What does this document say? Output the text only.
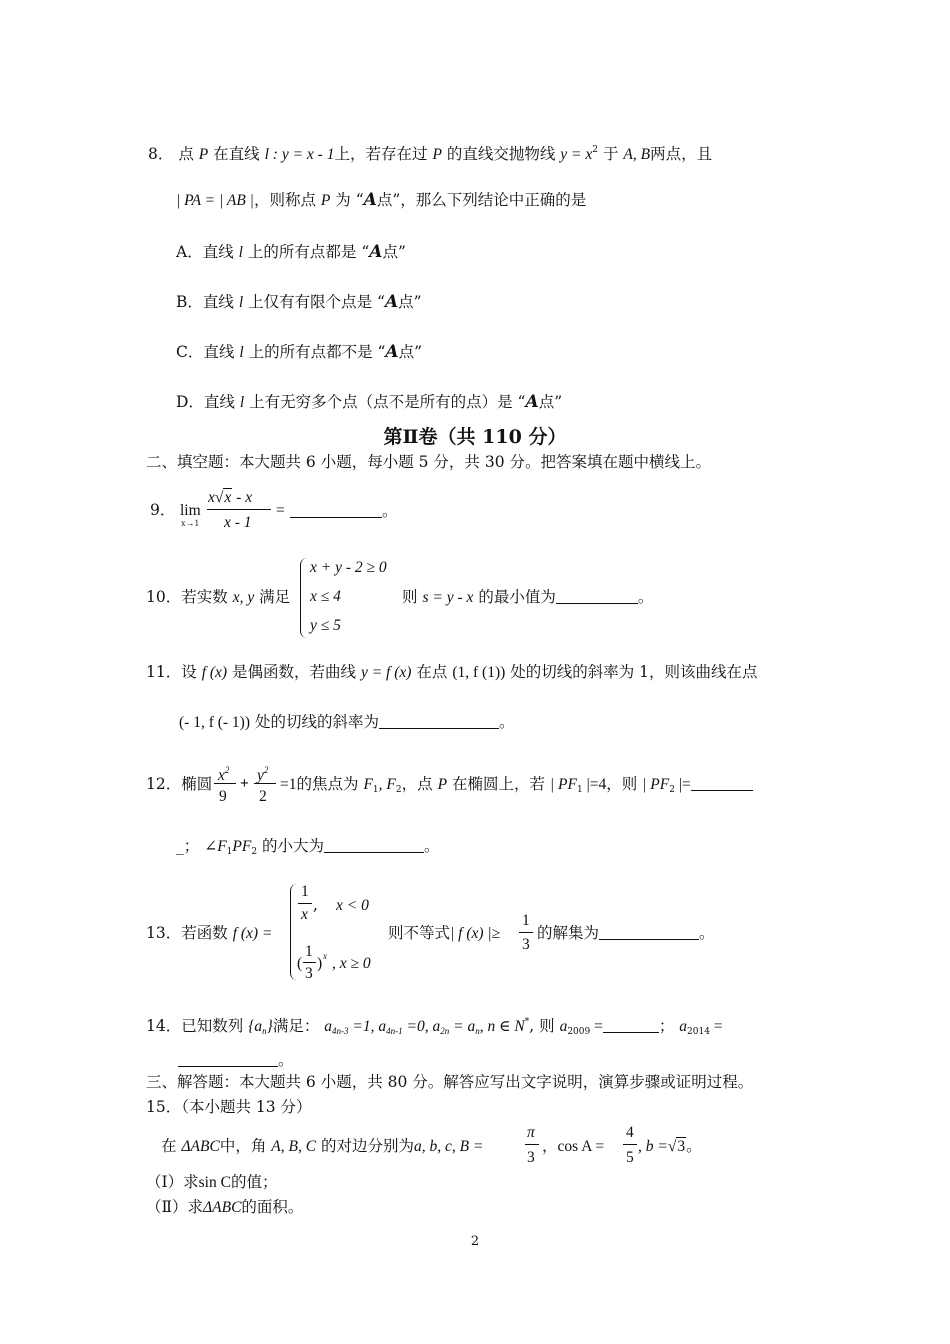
8． 点 P 在直线 l : y = x - 1上，若存在过 P 的直线交抛物线 $y = x^2$ 于 A, B两点，且
| PA = | AB |，则称点 P 为 “A点”，那么下列结论中正确的是
A．直线 l 上的所有点都是 “A点”
B．直线 l 上仅有有限个点是 “A点”
C．直线 l 上的所有点都不是 “A点”
D．直线 l 上有无穷多个点（点不是所有的点）是 “A点”
第Ⅱ卷（共 110 分）
二、填空题：本大题共 6 小题，每小题 5 分，共 30 分。把答案填在题中横线上。
9． lim
x→1
x√x - x
x - 1
=	。
10．若实数 x, y 满足
x + y - 2 ≥ 0
x ≤ 4
y ≤ 5
则 s = y - x 的最小值为	。
11．设 f (x) 是偶函数，若曲线 y = f (x) 在点 (1, f (1)) 处的切线的斜率为 1，则该曲线在点
(- 1, f (- 1)) 处的切线的斜率为	。
12．椭圆 $x^2$
9
+ $y^2$
2
=1的焦点为 $F_1$, $F_2$，点 P 在椭圆上，若 | $PF_1$ |=4，则 | $PF_2$ |=
_； $\angle F_1PF_2$ 的小大为	。
13．若函数 f (x) =
1
x
, x < 0
(
1
3
) x , x ≥ 0
则不等式| f (x) |≥
1
3
的解集为	。
14．已知数列 $\{a_n\}$满足： $a_{4n-3} =1$, $a_{4n-1} =0$, $a_{2n} = a_n$, n ∈ N*, 则 $a_{2009}$ =	； $a_{2014}$ =
。
三、解答题：本大题共 6 小题，共 80 分。解答应写出文字说明，演算步骤或证明过程。
15．（本小题共 13 分）
在 ΔABC中，角 A, B, C 的对边分别为a, b, c, B =
π
3
，cos A =
4
5
, b =√3。
（I）求sin C的值；
（Ⅱ）求ΔABC的面积。
2
